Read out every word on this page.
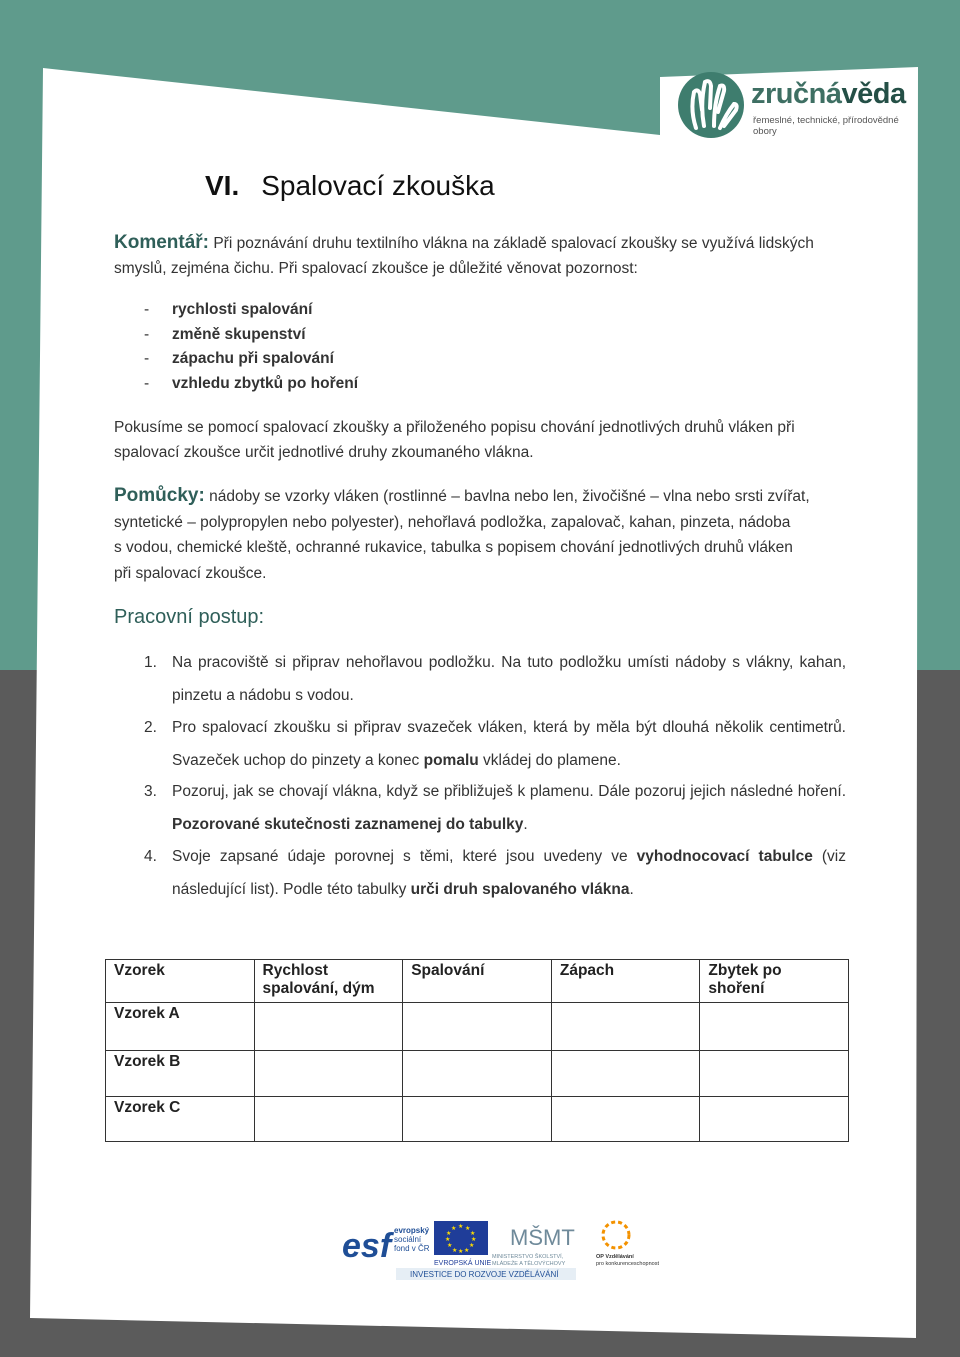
zručnávěda
řemeslné, technické, přírodovědné obory
VI. Spalovací zkouška
Komentář: Při poznávání druhu textilního vlákna na základě spalovací zkoušky se využívá lidských
smyslů, zejména čichu. Při spalovací zkoušce je důležité věnovat pozornost:
- rychlosti spalování
- změně skupenství
- zápachu při spalování
- vzhledu zbytků po hoření
Pokusíme se pomocí spalovací zkoušky a přiloženého popisu chování jednotlivých druhů vláken při
spalovací zkoušce určit jednotlivé druhy zkoumaného vlákna.
Pomůcky: nádoby se vzorky vláken (rostlinné – bavlna nebo len, živočišné – vlna nebo srsti zvířat,
syntetické – polypropylen nebo polyester), nehořlavá podložka, zapalovač, kahan, pinzeta, nádoba
s vodou, chemické kleště, ochranné rukavice, tabulka s popisem chování jednotlivých druhů vláken
při spalovací zkoušce.
Pracovní postup:
1. Na pracoviště si připrav nehořlavou podložku. Na tuto podložku umísti nádoby s vlákny, kahan, pinzetu a nádobu s vodou.
2. Pro spalovací zkoušku si připrav svazeček vláken, která by měla být dlouhá několik centimetrů. Svazeček uchop do pinzety a konec pomalu vkládej do plamene.
3. Pozoruj, jak se chovají vlákna, když se přibližuješ k plamenu. Dále pozoruj jejich následné hoření. Pozorované skutečnosti zaznamenej do tabulky.
4. Svoje zapsané údaje porovnej s těmi, které jsou uvedeny ve vyhodnocovací tabulce (viz následující list). Podle této tabulky urči druh spalovaného vlákna.
Vzorek	Rychlost spalování, dým	Spalování	Zápach	Zbytek po shoření
Vzorek A				
Vzorek B				
Vzorek C				
esf evropský
sociální
fond v ČR
★ ★
★
★
★
★
★
★
★
★
★
★
EVROPSKÁ UNIE
MŠMT
MINISTERSTVO ŠKOLSTVÍ,
MLÁDEŽE A TĚLOVÝCHOVY
OP Vzdělávání
pro konkurenceschopnost
INVESTICE DO ROZVOJE VZDĚLÁVÁNÍ
